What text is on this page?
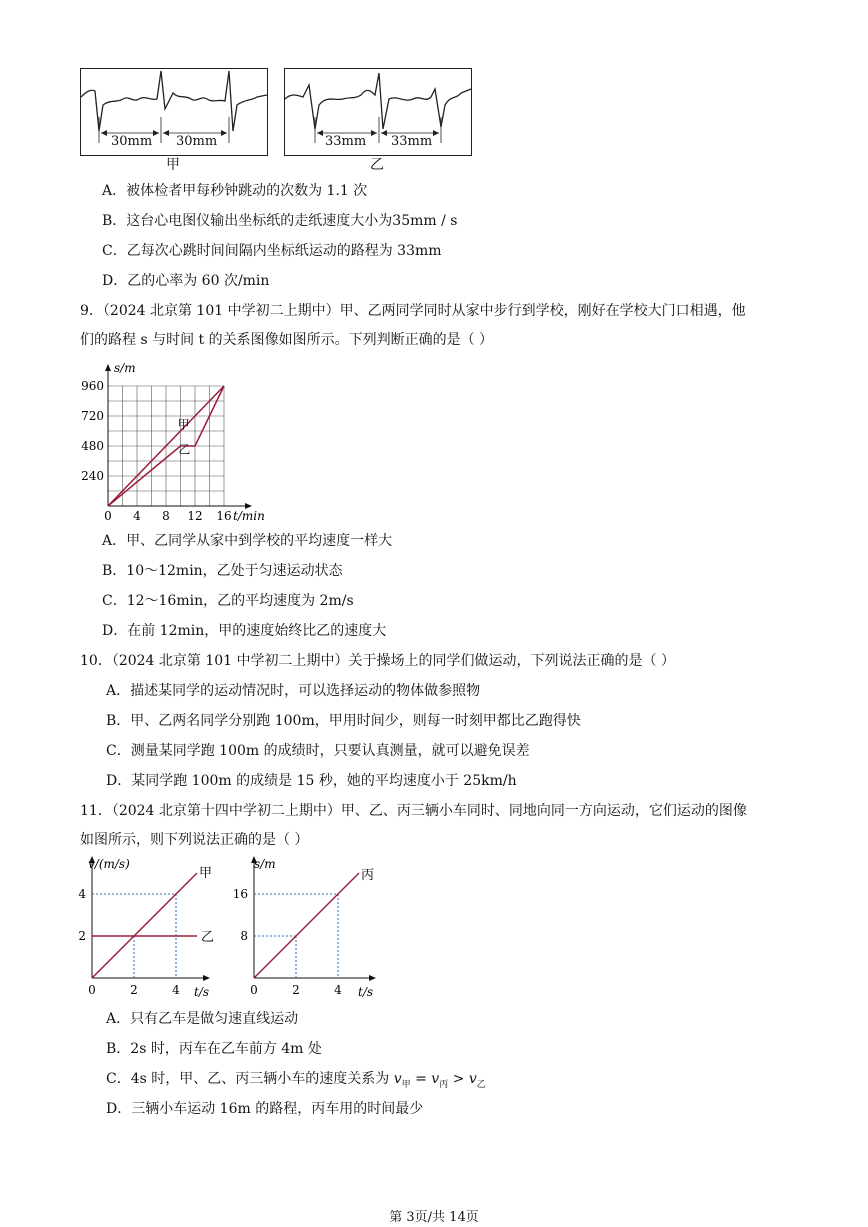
30mm 30mm
甲
33mm 33mm
乙
A．被体检者甲每秒钟跳动的次数为 1.1 次
B．这台心电图仪输出坐标纸的走纸速度大小为35mm / s
C．乙每次心跳时间间隔内坐标纸运动的路程为 33mm
D．乙的心率为 60 次/min
9．（2024 北京第 101 中学初二上期中）甲、乙两同学同时从家中步行到学校，刚好在学校大门口相遇，他
们的路程 s 与时间 t 的关系图像如图所示。下列判断正确的是（ ）
0 4 8 12 16
240
480
720
960
s/m
t/min
甲
乙
A．甲、乙同学从家中到学校的平均速度一样大
B．10～12min，乙处于匀速运动状态
C．12～16min，乙的平均速度为 2m/s
D．在前 12min，甲的速度始终比乙的速度大
10．（2024 北京第 101 中学初二上期中）关于操场上的同学们做运动，下列说法正确的是（ ）
A．描述某同学的运动情况时，可以选择运动的物体做参照物
B．甲、乙两名同学分别跑 100m，甲用时间少，则每一时刻甲都比乙跑得快
C．测量某同学跑 100m 的成绩时，只要认真测量，就可以避免误差
D．某同学跑 100m 的成绩是 15 秒，她的平均速度小于 25km/h
11．（2024 北京第十四中学初二上期中）甲、乙、丙三辆小车同时、同地向同一方向运动，它们运动的图像
如图所示，则下列说法正确的是（ ）
甲
乙
0	2	4
2
4
v/(m/s)
t/s
丙
0	2	4
8
16
s/m
t/s
A．只有乙车是做匀速直线运动
B．2s 时，丙车在乙车前方 4m 处
C．4s 时，甲、乙、丙三辆小车的速度关系为 $v_甲 = v_丙 > v_乙$
D．三辆小车运动 16m 的路程，丙车用的时间最少
第 3页/共 14页
